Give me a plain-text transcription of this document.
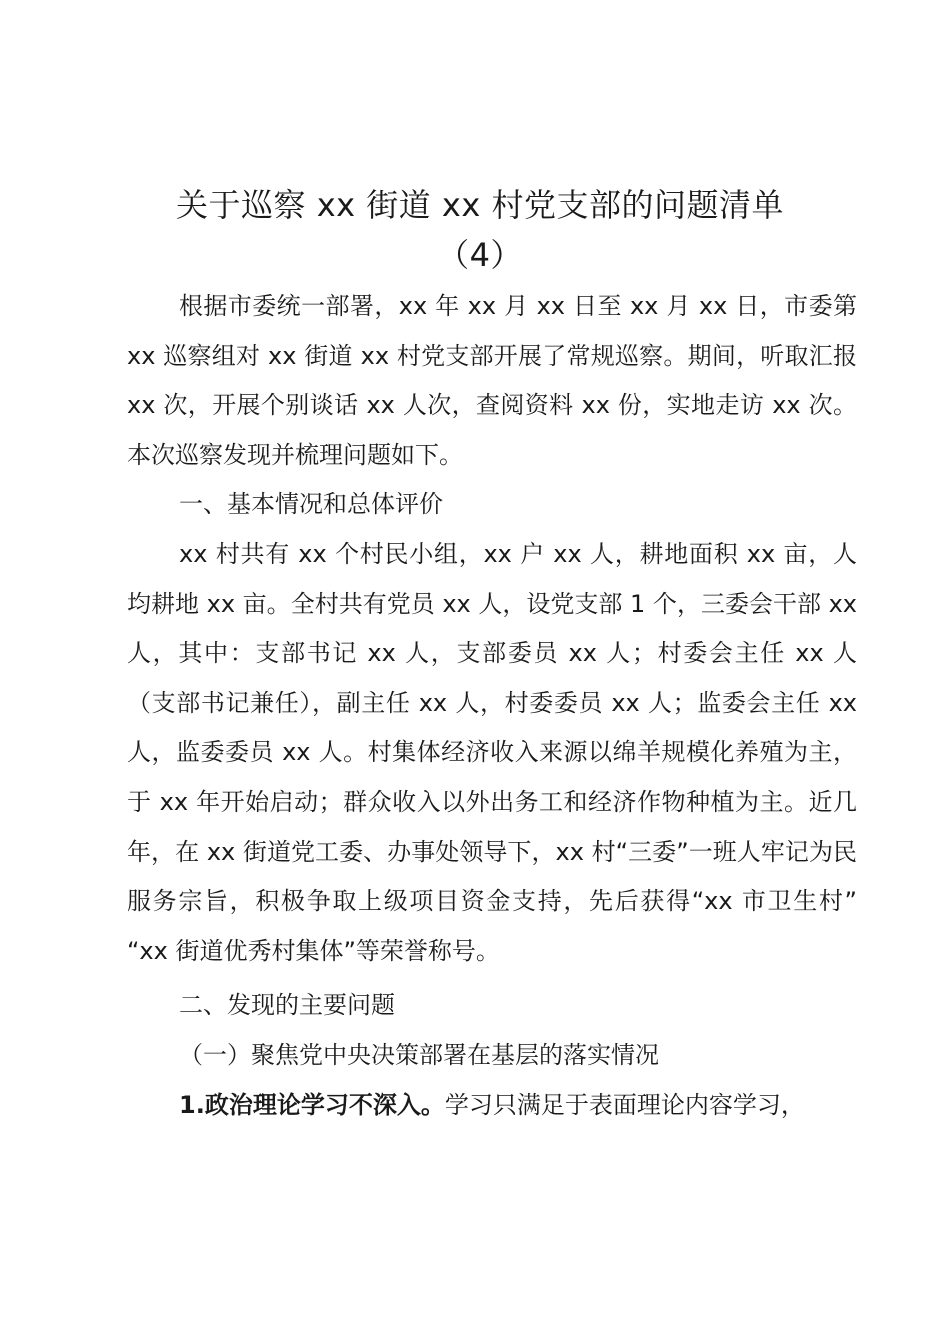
关于巡察 xx 街道 xx 村党支部的问题清单
（4）

根据市委统一部署，xx 年 xx 月 xx 日至 xx 月 xx 日，市委第 xx 巡察组对 xx 街道 xx 村党支部开展了常规巡察。期间，听取汇报 xx 次，开展个别谈话 xx 人次，查阅资料 xx 份，实地走访 xx 次。本次巡察发现并梳理问题如下。

一、基本情况和总体评价

xx 村共有 xx 个村民小组，xx 户 xx 人，耕地面积 xx 亩，人均耕地 xx 亩。全村共有党员 xx 人，设党支部 1 个，三委会干部 xx 人，其中：支部书记 xx 人，支部委员 xx 人；村委会主任 xx 人（支部书记兼任），副主任 xx 人，村委委员 xx 人；监委会主任 xx 人，监委委员 xx 人。村集体经济收入来源以绵羊规模化养殖为主，于 xx 年开始启动；群众收入以外出务工和经济作物种植为主。近几年，在 xx 街道党工委、办事处领导下，xx 村“三委”一班人牢记为民服务宗旨，积极争取上级项目资金支持，先后获得“xx 市卫生村” “xx 街道优秀村集体”等荣誉称号。

二、发现的主要问题

（一）聚焦党中央决策部署在基层的落实情况

1.政治理论学习不深入。学习只满足于表面理论内容学习，
